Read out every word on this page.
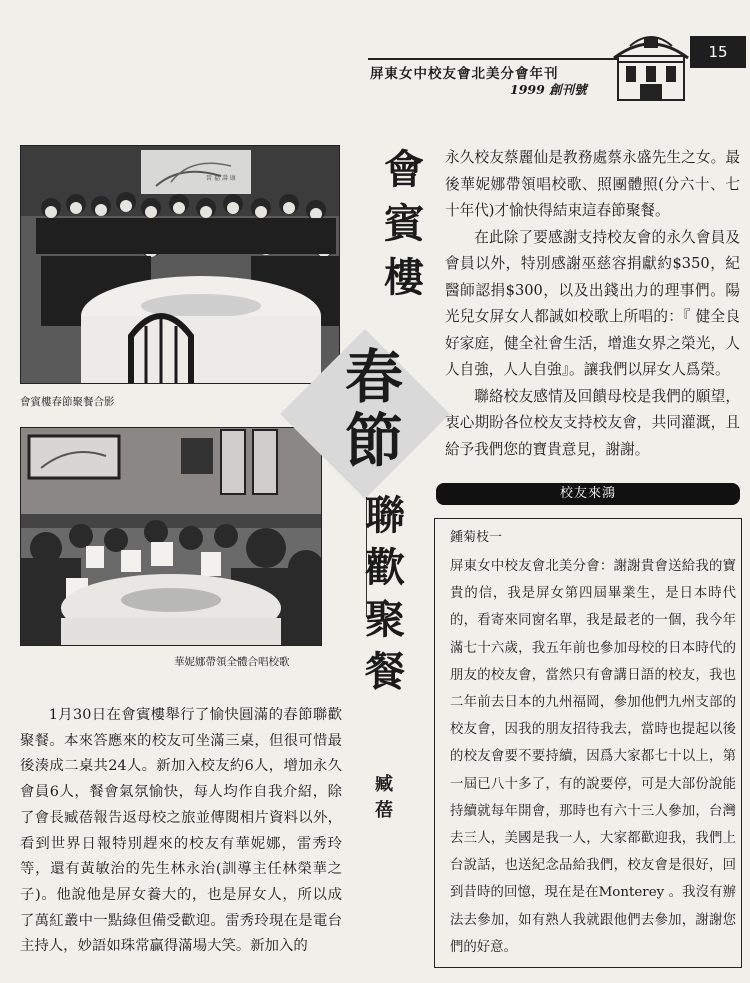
屏東女中校友會北美分會年刊
1999 創刊號
15
晉 福 壽 康
會賓樓春節聚餐合影
華妮娜帶領全體合唱校歌
會
賓
樓
春
節
聯
歡
聚
餐
臧
蓓

永久校友蔡麗仙是教務處蔡永盛先生之女。最後華妮娜帶領唱校歌、照團體照(分六十、七十年代)才愉快得結束這春節聚餐。

在此除了要感謝支持校友會的永久會員及會員以外，特別感謝巫慈容捐獻約$350，紀醫師認捐$300，以及出錢出力的理事們。陽光兒女屏女人都誠如校歌上所唱的：『 健全良好家庭，健全社會生活，增進女界之榮光，人人自強，人人自強』。讓我們以屏女人爲榮。

聯絡校友感情及回饋母校是我們的願望，衷心期盼各位校友支持校友會，共同灌溉，且給予我們您的寶貴意見，謝謝。

1月30日在會賓樓舉行了愉快圓滿的春節聯歡聚餐。本來答應來的校友可坐滿三桌，但很可惜最後湊成二桌共24人。新加入校友約6人，增加永久會員6人，餐會氣氛愉快，每人均作自我介紹，除了會長臧蓓報告返母校之旅並傳閱相片資料以外，看到世界日報特別趕來的校友有華妮娜，雷秀玲等，還有黃敏治的先生林永治(訓導主任林榮華之子)。他說他是屏女養大的，也是屏女人，所以成了萬紅叢中一點綠但備受歡迎。雷秀玲現在是電台主持人，妙語如珠常贏得滿場大笑。新加入的

校友來鴻
鍾菊枝一

屏東女中校友會北美分會：謝謝貴會送給我的寶貴的信，我是屏女第四屆畢業生，是日本時代的，看寄來同窗名單，我是最老的一個，我今年滿七十六歲，我五年前也參加母校的日本時代的朋友的校友會，當然只有會講日語的校友，我也二年前去日本的九州福岡，參加他們九州支部的校友會，因我的朋友招待我去，當時也提起以後的校友會要不要持續，因爲大家都七十以上，第一屆已八十多了，有的說要停，可是大部份說能持續就每年開會，那時也有六十三人參加，台灣去三人，美國是我一人，大家都歡迎我，我們上台說話，也送紀念品給我們，校友會是很好，回到昔時的回憶，現在是在Monterey 。我沒有辦法去參加，如有熟人我就跟他們去參加，謝謝您們的好意。
